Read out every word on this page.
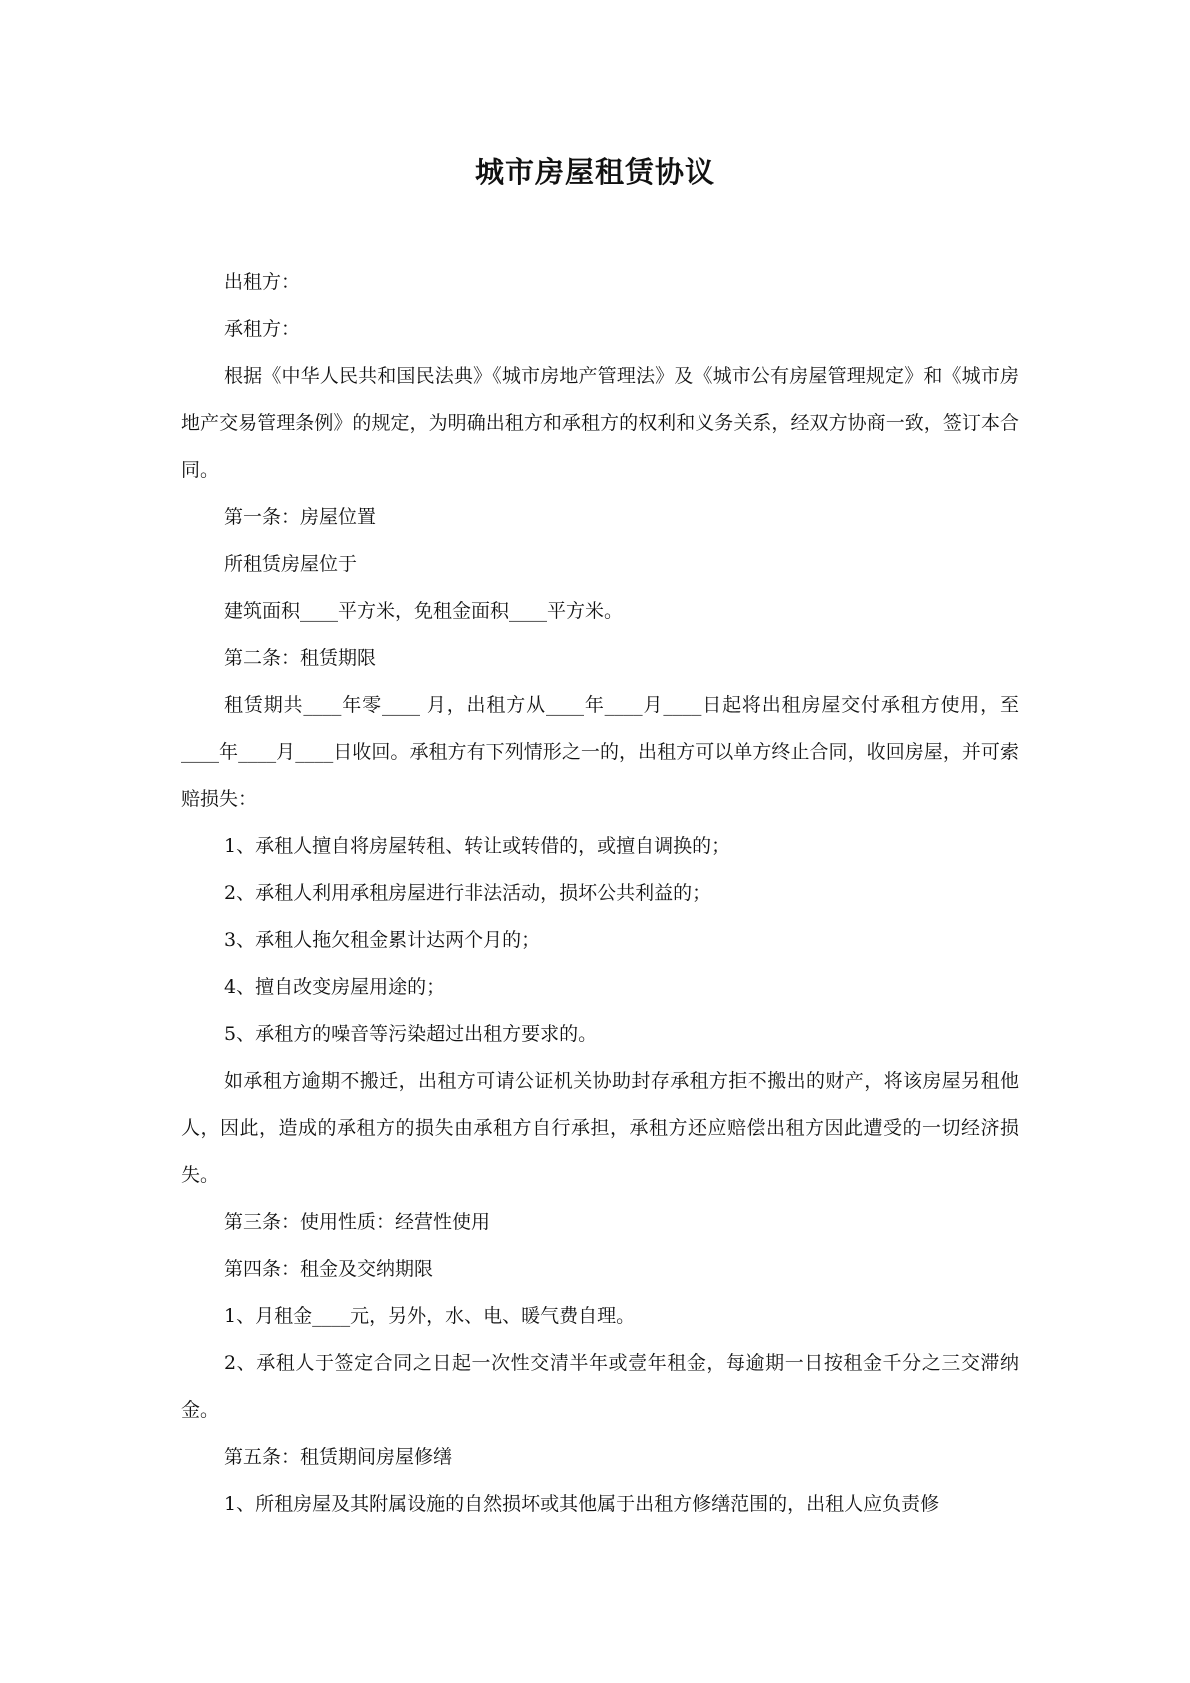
城市房屋租赁协议

出租方：

承租方：

根据《中华人民共和国民法典》《城市房地产管理法》及《城市公有房屋管理规定》和《城市房地产交易管理条例》的规定，为明确出租方和承租方的权利和义务关系，经双方协商一致，签订本合同。

第一条：房屋位置

所租赁房屋位于

建筑面积____平方米，免租金面积____平方米。

第二条：租赁期限

租赁期共____年零____ 月，出租方从____年____月____日起将出租房屋交付承租方使用，至____年____月____日收回。承租方有下列情形之一的，出租方可以单方终止合同，收回房屋，并可索赔损失：

1、承租人擅自将房屋转租、转让或转借的，或擅自调换的；

2、承租人利用承租房屋进行非法活动，损坏公共利益的；

3、承租人拖欠租金累计达两个月的；

4、擅自改变房屋用途的；

5、承租方的噪音等污染超过出租方要求的。

如承租方逾期不搬迁，出租方可请公证机关协助封存承租方拒不搬出的财产，将该房屋另租他人，因此，造成的承租方的损失由承租方自行承担，承租方还应赔偿出租方因此遭受的一切经济损失。

第三条：使用性质：经营性使用

第四条：租金及交纳期限

1、月租金____元，另外，水、电、暖气费自理。

2、承租人于签定合同之日起一次性交清半年或壹年租金，每逾期一日按租金千分之三交滞纳金。

第五条：租赁期间房屋修缮

1、所租房屋及其附属设施的自然损坏或其他属于出租方修缮范围的，出租人应负责修
